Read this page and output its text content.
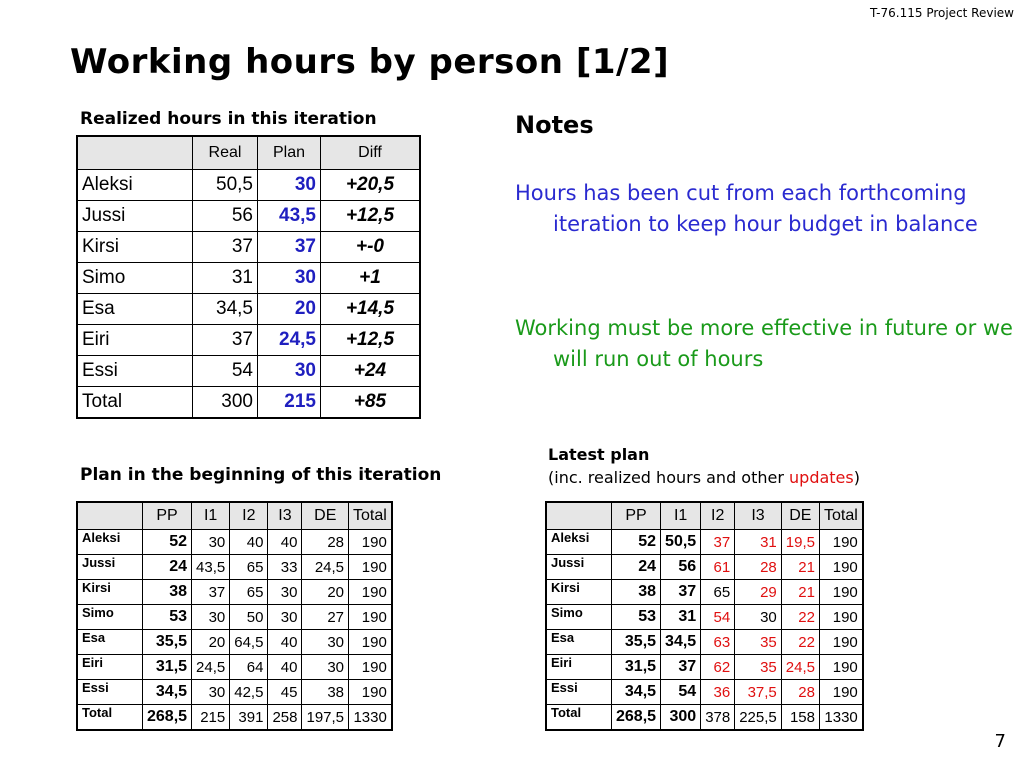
T-76.115 Project Review
Working hours by person [1/2]
Realized hours in this iteration
	Real	Plan	Diff
Aleksi	50,5	30	+20,5
Jussi	56	43,5	+12,5
Kirsi	37	37	+-0
Simo	31	30	+1
Esa	34,5	20	+14,5
Eiri	37	24,5	+12,5
Essi	54	30	+24
Total	300	215	+85
Notes
Hours has been cut from each forthcoming iteration to keep hour budget in balance
Working must be more effective in future or we will run out of hours
Plan in the beginning of this iteration
	PP	I1	I2	I3	DE	Total
Aleksi	52	30	40	40	28	190
Jussi	24	43,5	65	33	24,5	190
Kirsi	38	37	65	30	20	190
Simo	53	30	50	30	27	190
Esa	35,5	20	64,5	40	30	190
Eiri	31,5	24,5	64	40	30	190
Essi	34,5	30	42,5	45	38	190
Total	268,5	215	391	258	197,5	1330
Latest plan
(inc. realized hours and other updates)
	PP	I1	I2	I3	DE	Total
Aleksi	52	50,5	37	31	19,5	190
Jussi	24	56	61	28	21	190
Kirsi	38	37	65	29	21	190
Simo	53	31	54	30	22	190
Esa	35,5	34,5	63	35	22	190
Eiri	31,5	37	62	35	24,5	190
Essi	34,5	54	36	37,5	28	190
Total	268,5	300	378	225,5	158	1330
7
